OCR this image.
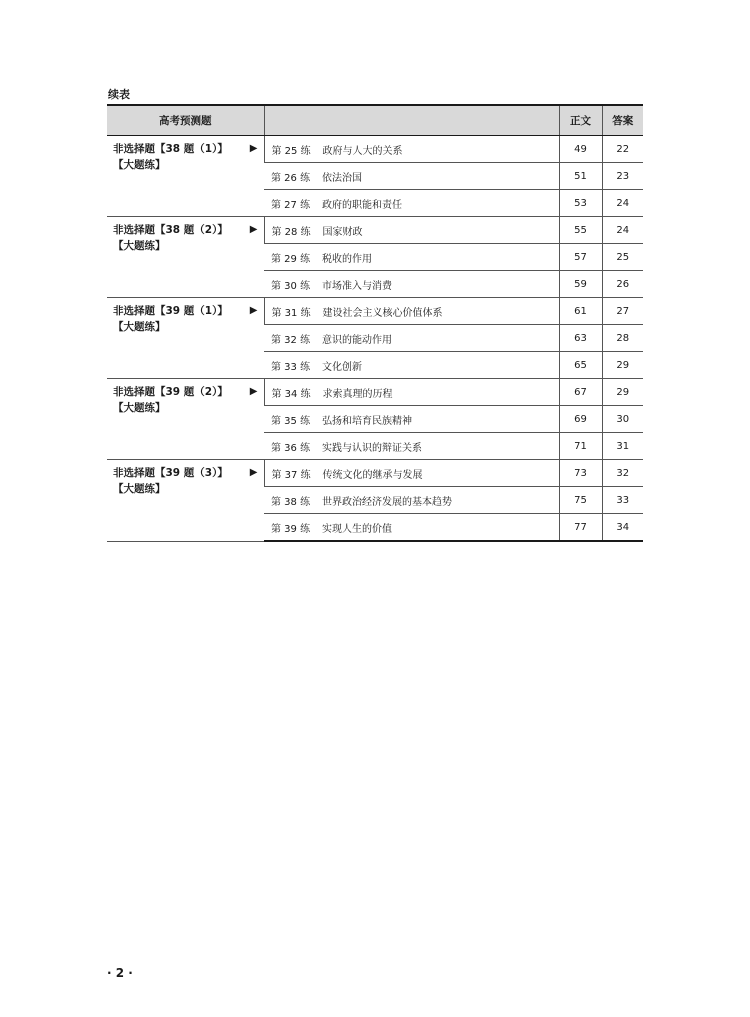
续表
高考预测题		正文	答案

非选择题【38 题（1）】
【大题练】
▶	第 25 练 政府与人大的关系	49	22
	第 26 练 依法治国	51	23
	第 27 练 政府的职能和责任	53	24

非选择题【38 题（2）】
【大题练】
▶	第 28 练 国家财政	55	24
	第 29 练 税收的作用	57	25
	第 30 练 市场准入与消费	59	26

非选择题【39 题（1）】
【大题练】
▶	第 31 练 建设社会主义核心价值体系	61	27
	第 32 练 意识的能动作用	63	28
	第 33 练 文化创新	65	29

非选择题【39 题（2）】
【大题练】
▶	第 34 练 求索真理的历程	67	29
	第 35 练 弘扬和培育民族精神	69	30
	第 36 练 实践与认识的辩证关系	71	31

非选择题【39 题（3）】
【大题练】
▶	第 37 练 传统文化的继承与发展	73	32
	第 38 练 世界政治经济发展的基本趋势	75	33
	第 39 练 实现人生的价值	77	34
· 2 ·
